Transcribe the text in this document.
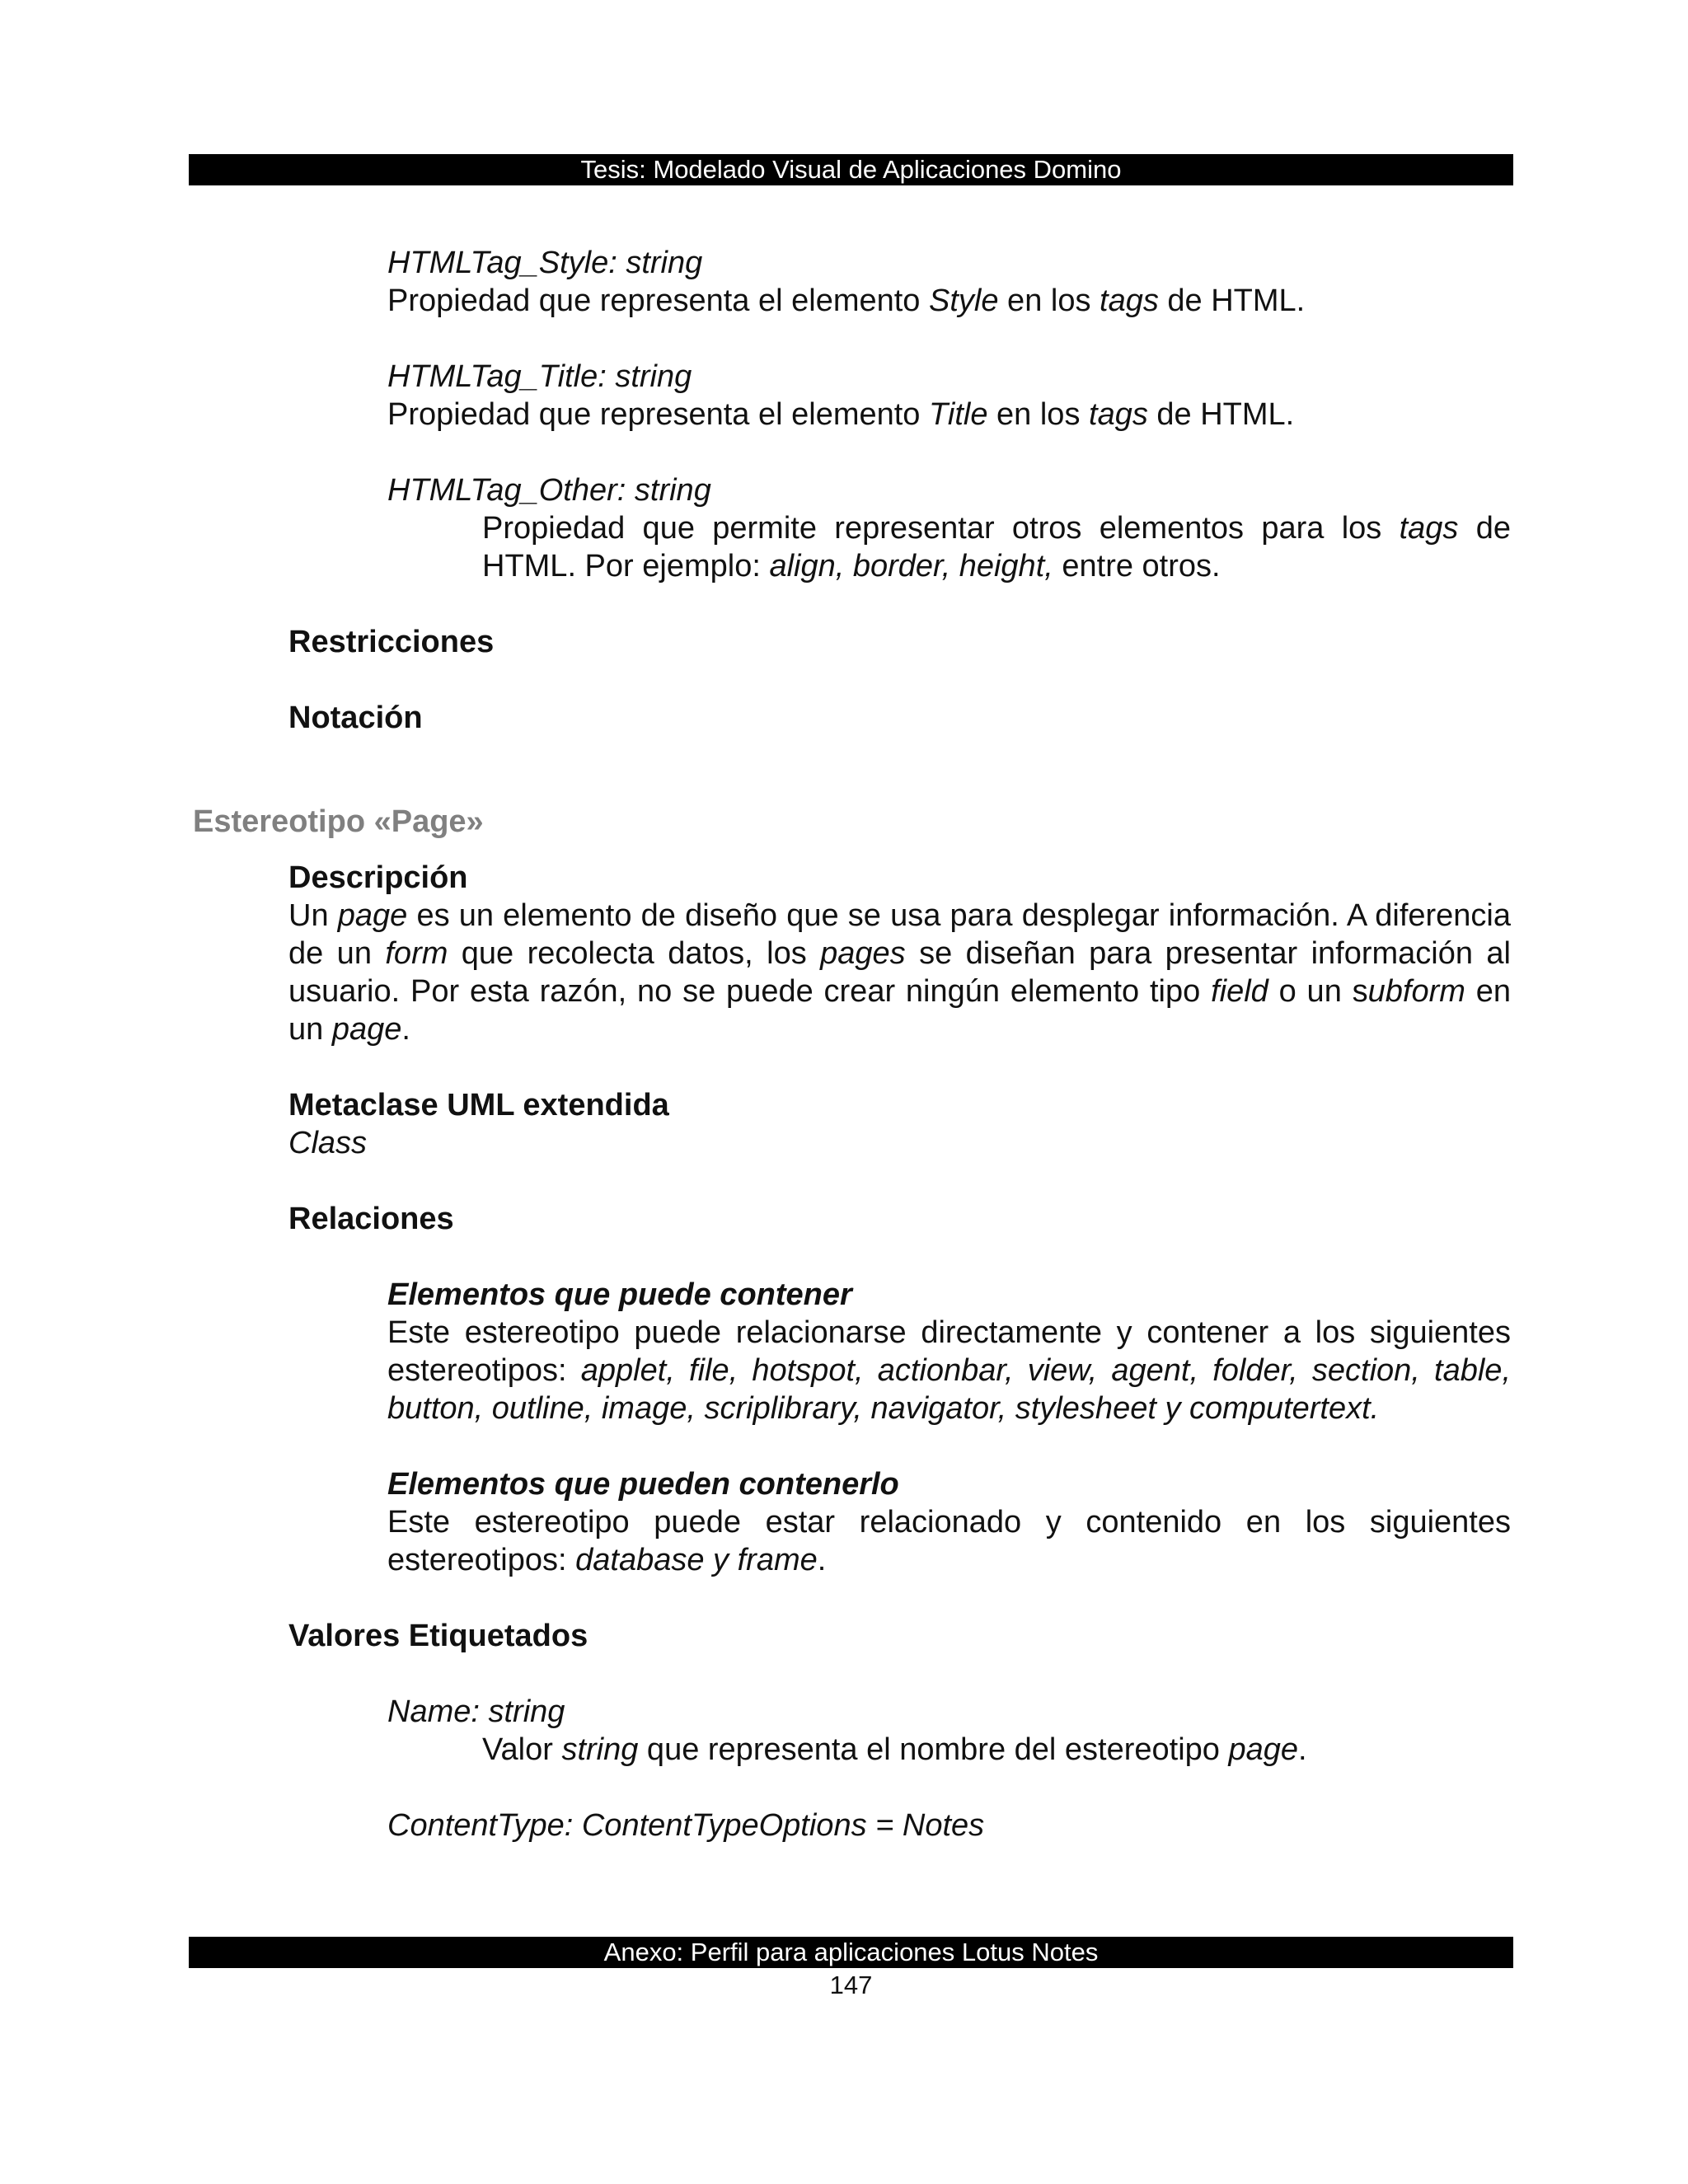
Tesis: Modelado Visual de Aplicaciones Domino
HTMLTag_Style: string
Propiedad que representa el elemento Style en los tags de HTML.
HTMLTag_Title: string
Propiedad que representa el elemento Title en los tags de HTML.
HTMLTag_Other: string
Propiedad que permite representar otros elementos para los tags de HTML. Por ejemplo: align, border, height, entre otros.
Restricciones
Notación
Estereotipo «Page»
Descripción
Un page es un elemento de diseño que se usa para desplegar información. A diferencia de un form que recolecta datos, los pages se diseñan para presentar información al usuario. Por esta razón, no se puede crear ningún elemento tipo field o un subform en un page.
Metaclase UML extendida
Class
Relaciones
Elementos que puede contener
Este estereotipo puede relacionarse directamente y contener a los siguientes estereotipos: applet, file, hotspot, actionbar, view, agent, folder, section, table, button, outline, image, scriplibrary, navigator, stylesheet y computertext.
Elementos que pueden contenerlo
Este estereotipo puede estar relacionado y contenido en los siguientes estereotipos: database y frame.
Valores Etiquetados
Name: string
Valor string que representa el nombre del estereotipo page.
ContentType: ContentTypeOptions = Notes
Anexo: Perfil para aplicaciones Lotus Notes
147
